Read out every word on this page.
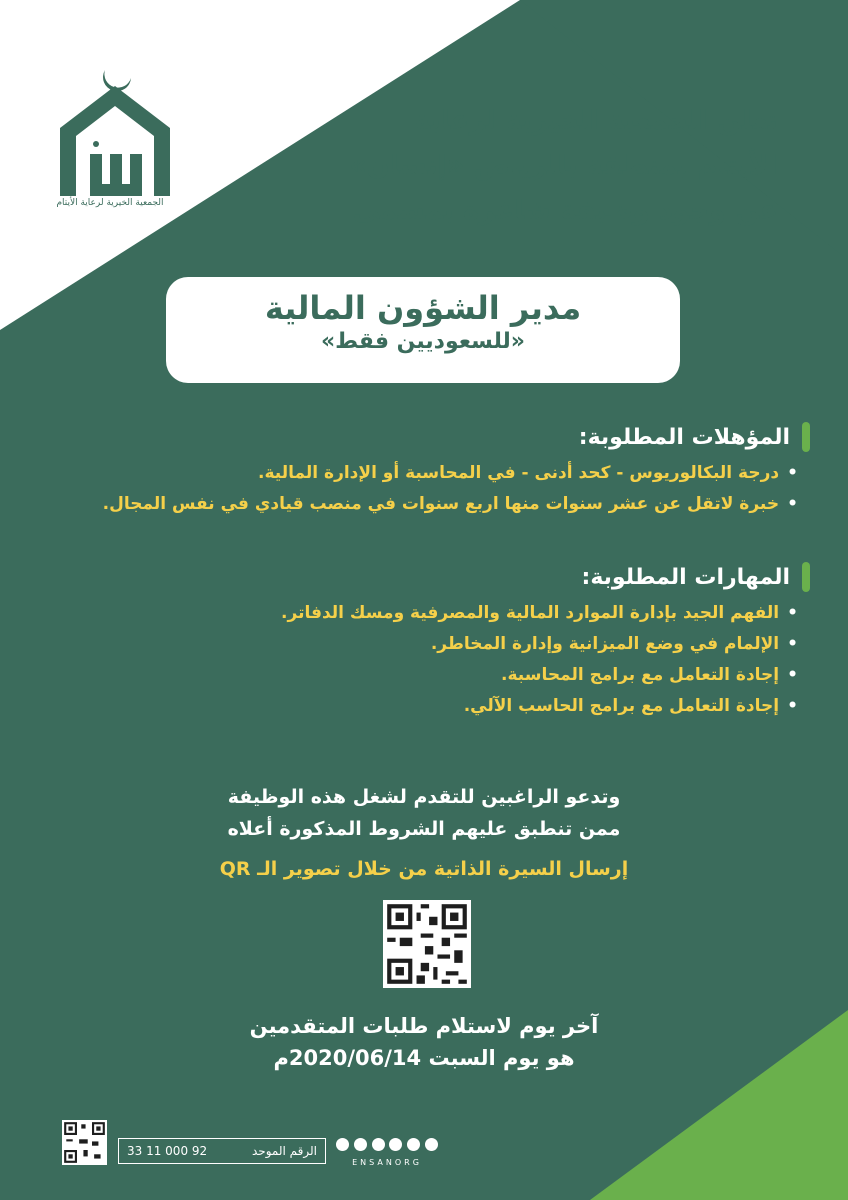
الجمعية الخيرية لرعاية الأيتام
تعلن الجمعية الخيرية لرعاية
الأيتام بمنطقة بالرياض «إنسان»
عن وجود وظيفة شاغرة بمسمى
مدير الشؤون المالية
«للسعوديين فقط»
المؤهلات المطلوبة:
•درجة البكالوريوس - كحد أدنى - في المحاسبة أو الإدارة المالية.
•خبرة لاتقل عن عشر سنوات منها اربع سنوات في منصب قيادي في نفس المجال.
المهارات المطلوبة:
•الفهم الجيد بإدارة الموارد المالية والمصرفية ومسك الدفاتر.
•الإلمام في وضع الميزانية وإدارة المخاطر.
•إجادة التعامل مع برامج المحاسبة.
•إجادة التعامل مع برامج الحاسب الآلي.
وتدعو الراغبين للتقدم لشغل هذه الوظيفة
ممن تنطبق عليهم الشروط المذكورة أعلاه
إرسال السيرة الذاتية من خلال تصوير الـ QR
آخر يوم لاستلام طلبات المتقدمين
هو يوم السبت 2020/06/14م
33 11 000 92	الرقم الموحد
ENSANORG
